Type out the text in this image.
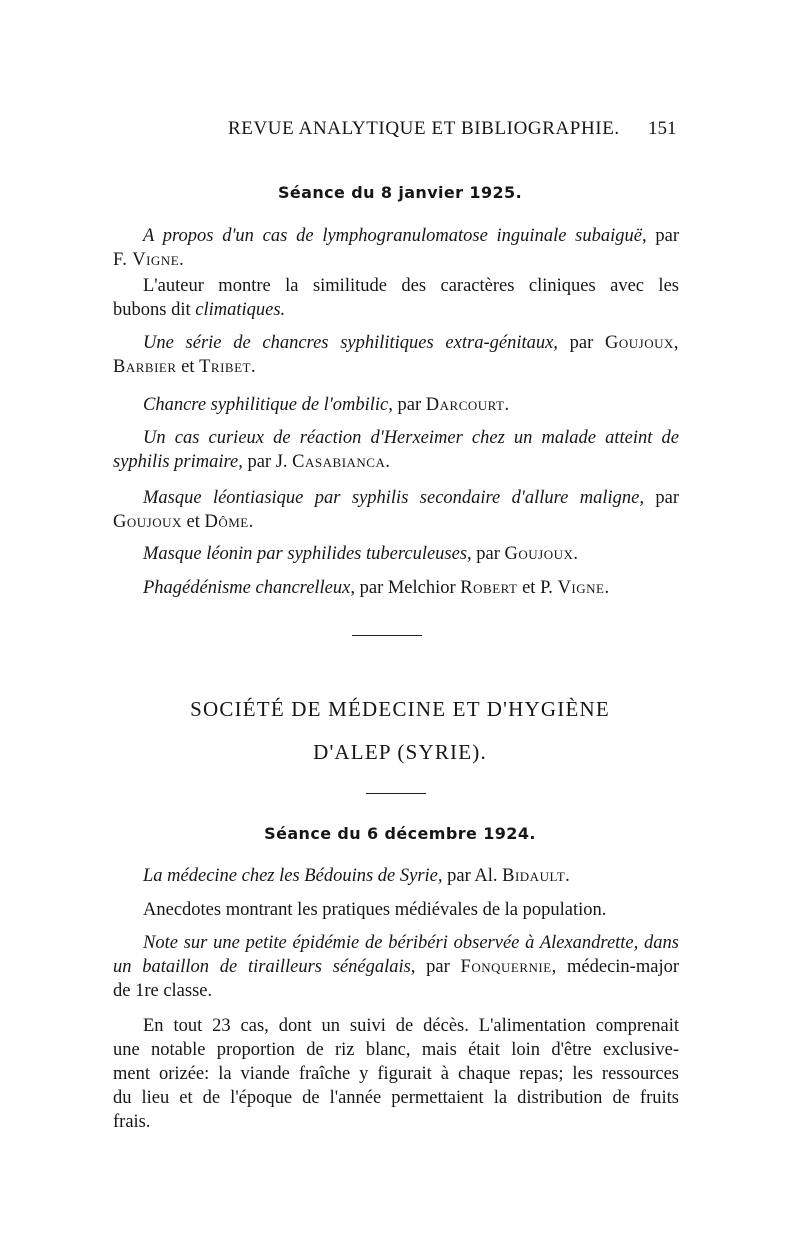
REVUE ANALYTIQUE ET BIBLIOGRAPHIE. 151
Séance du 8 janvier 1925.
A propos d'un cas de lymphogranulomatose inguinale subaiguë, par
F. Vigne.
L'auteur montre la similitude des caractères cliniques avec les
bubons dit climatiques.
Une série de chancres syphilitiques extra-génitaux, par Goujoux,
Barbier et Tribet.
Chancre syphilitique de l'ombilic, par Darcourt.
Un cas curieux de réaction d'Herxeimer chez un malade atteint de
syphilis primaire, par J. Casabianca.
Masque léontiasique par syphilis secondaire d'allure maligne, par
Goujoux et Dôme.
Masque léonin par syphilides tuberculeuses, par Goujoux.
Phagédénisme chancrelleux, par Melchior Robert et P. Vigne.
SOCIÉTÉ DE MÉDECINE ET D'HYGIÈNE
D'ALEP (SYRIE).
Séance du 6 décembre 1924.
La médecine chez les Bédouins de Syrie, par Al. Bidault.
Anecdotes montrant les pratiques médiévales de la population.
Note sur une petite épidémie de béribéri observée à Alexandrette, dans
un bataillon de tirailleurs sénégalais, par Fonquernie, médecin-major
de 1re classe.
En tout 23 cas, dont un suivi de décès. L'alimentation comprenait
une notable proportion de riz blanc, mais était loin d'être exclusive-
ment orizée: la viande fraîche y figurait à chaque repas; les ressources
du lieu et de l'époque de l'année permettaient la distribution de fruits
frais.
